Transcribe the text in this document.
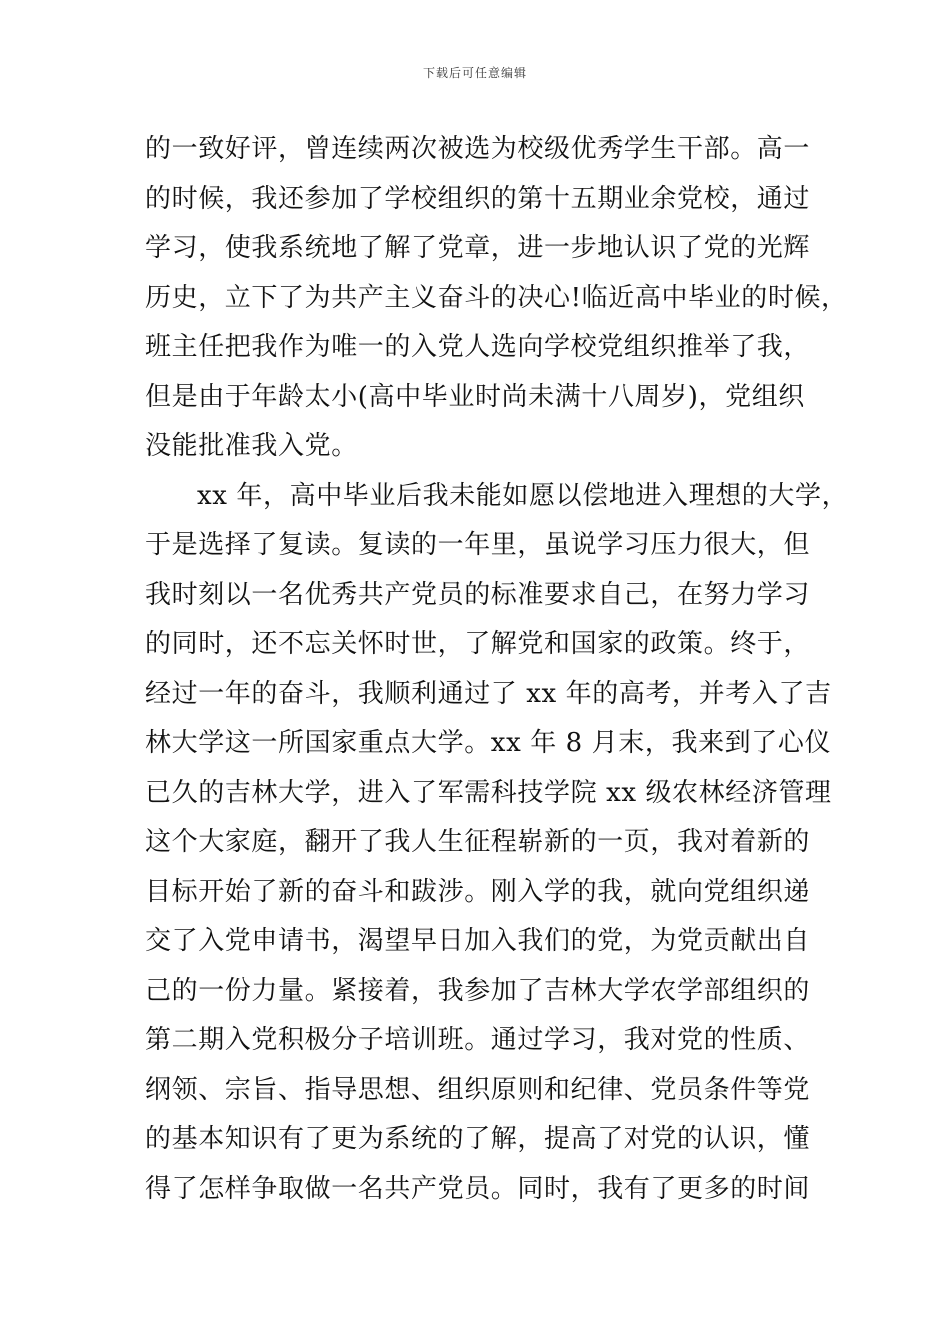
下载后可任意编辑
的一致好评，曾连续两次被选为校级优秀学生干部。高一
的时候，我还参加了学校组织的第十五期业余党校，通过
学习，使我系统地了解了党章，进一步地认识了党的光辉
历史，立下了为共产主义奋斗的决心!临近高中毕业的时候，
班主任把我作为唯一的入党人选向学校党组织推举了我，
但是由于年龄太小(高中毕业时尚未满十八周岁)，党组织
没能批准我入党。
xx 年，高中毕业后我未能如愿以偿地进入理想的大学，
于是选择了复读。复读的一年里，虽说学习压力很大，但
我时刻以一名优秀共产党员的标准要求自己，在努力学习
的同时，还不忘关怀时世，了解党和国家的政策。终于，
经过一年的奋斗，我顺利通过了 xx 年的高考，并考入了吉
林大学这一所国家重点大学。xx 年 8 月末，我来到了心仪
已久的吉林大学，进入了军需科技学院 xx 级农林经济管理
这个大家庭，翻开了我人生征程崭新的一页，我对着新的
目标开始了新的奋斗和跋涉。刚入学的我，就向党组织递
交了入党申请书，渴望早日加入我们的党，为党贡献出自
己的一份力量。紧接着，我参加了吉林大学农学部组织的
第二期入党积极分子培训班。通过学习，我对党的性质、
纲领、宗旨、指导思想、组织原则和纪律、党员条件等党
的基本知识有了更为系统的了解，提高了对党的认识，懂
得了怎样争取做一名共产党员。同时，我有了更多的时间
